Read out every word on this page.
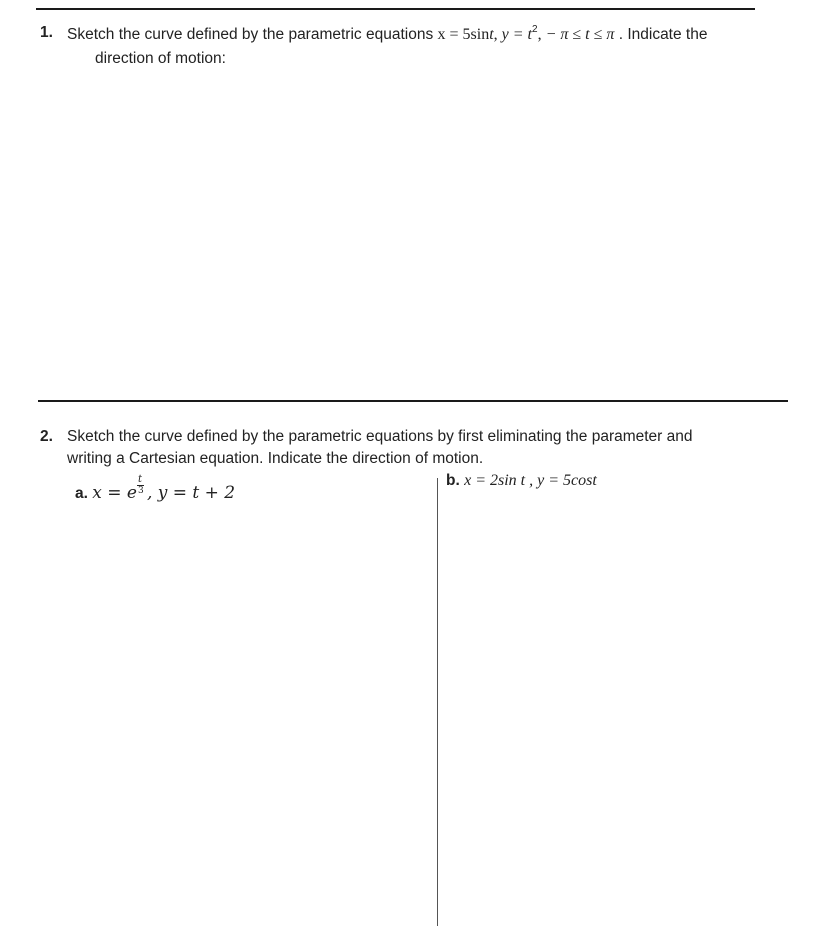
1. Sketch the curve defined by the parametric equations x = 5sint, $y = t^2$, − π ≤ t ≤ π . Indicate the
direction of motion:
2. Sketch the curve defined by the parametric equations by first eliminating the parameter and
writing a Cartesian equation. Indicate the direction of motion.
a. x = e $\frac{t}{3}$ , y = t + 2
b. x = 2sin t , y = 5cost
